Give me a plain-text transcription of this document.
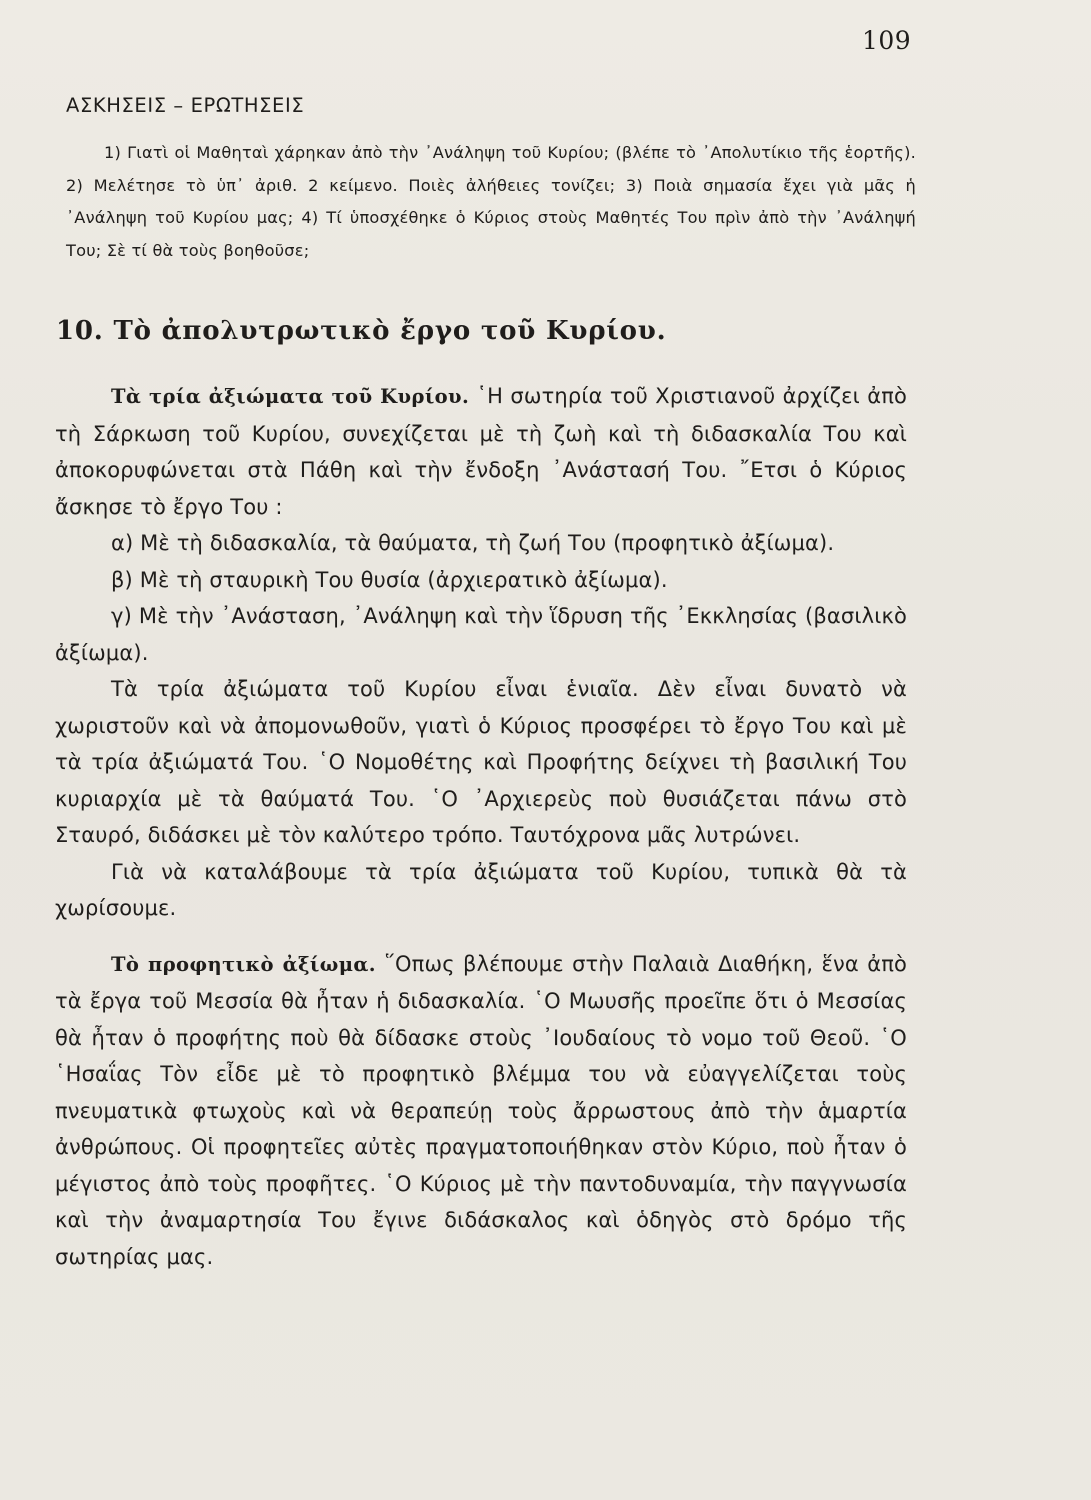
109
ΑΣΚΗΣΕΙΣ – ΕΡΩΤΗΣΕΙΣ

1) Γιατὶ οἱ Μαθηταὶ χάρηκαν ἀπὸ τὴν ᾿Ανάληψη τοῦ Κυρίου; (βλέπε τὸ ᾿Απολυτίκιο τῆς ἑορτῆς). 2) Μελέτησε τὸ ὑπ᾿ ἀριθ. 2 κείμενο. Ποιὲς ἀλήθειες τονίζει; 3) Ποιὰ σημασία ἔχει γιὰ μᾶς ἡ ᾿Ανάληψη τοῦ Κυρίου μας; 4) Τί ὑποσχέθηκε ὁ Κύριος στοὺς Μαθητές Του πρὶν ἀπὸ τὴν ᾿Ανάληψή Του; Σὲ τί θὰ τοὺς βοηθοῦσε;

10. Τὸ ἀπολυτρωτικὸ ἔργο τοῦ Κυρίου.

Τὰ τρία ἀξιώματα τοῦ Κυρίου. ῾Η σωτηρία τοῦ Χριστιανοῦ ἀρχίζει ἀπὸ τὴ Σάρκωση τοῦ Κυρίου, συνεχίζεται μὲ τὴ ζωὴ καὶ τὴ διδασκαλία Του καὶ ἀποκορυφώνεται στὰ Πάθη καὶ τὴν ἔνδοξη ᾿Ανάστασή Του. ῎Ετσι ὁ Κύριος ἄσκησε τὸ ἔργο Του :

α) Μὲ τὴ διδασκαλία, τὰ θαύματα, τὴ ζωή Του (προφητικὸ ἀξίωμα).

β) Μὲ τὴ σταυρικὴ Του θυσία (ἀρχιερατικὸ ἀξίωμα).

γ) Μὲ τὴν ᾿Ανάσταση, ᾿Ανάληψη καὶ τὴν ἵδρυση τῆς ᾿Εκκλησίας (βασιλικὸ ἀξίωμα).

Τὰ τρία ἀξιώματα τοῦ Κυρίου εἶναι ἑνιαῖα. Δὲν εἶναι δυνατὸ νὰ χωριστοῦν καὶ νὰ ἀπομονωθοῦν, γιατὶ ὁ Κύριος προσφέρει τὸ ἔργο Του καὶ μὲ τὰ τρία ἀξιώματά Του. ῾Ο Νομοθέτης καὶ Προφήτης δείχνει τὴ βασιλική Του κυριαρχία μὲ τὰ θαύματά Του. ῾Ο ᾿Αρχιερεὺς ποὺ θυσιάζεται πάνω στὸ Σταυρό, διδάσκει μὲ τὸν καλύτερο τρόπο. Ταυτόχρονα μᾶς λυτρώνει.

Γιὰ νὰ καταλάβουμε τὰ τρία ἀξιώματα τοῦ Κυρίου, τυπικὰ θὰ τὰ χωρίσουμε.

Τὸ προφητικὸ ἀξίωμα. ῞Οπως βλέπουμε στὴν Παλαιὰ Διαθήκη, ἕνα ἀπὸ τὰ ἔργα τοῦ Μεσσία θὰ ἦταν ἡ διδασκαλία. ῾Ο Μωυσῆς προεῖπε ὅτι ὁ Μεσσίας θὰ ἦταν ὁ προφήτης ποὺ θὰ δίδασκε στοὺς ᾿Ιουδαίους τὸ νομο τοῦ Θεοῦ. ῾Ο ῾Ησαΐας Τὸν εἶδε μὲ τὸ προφητικὸ βλέμμα του νὰ εὐαγγελίζεται τοὺς πνευματικὰ φτωχοὺς καὶ νὰ θεραπεύῃ τοὺς ἄρρωστους ἀπὸ τὴν ἁμαρτία ἀνθρώπους. Οἱ προφητεῖες αὐτὲς πραγματοποιήθηκαν στὸν Κύριο, ποὺ ἦταν ὁ μέγιστος ἀπὸ τοὺς προφῆτες. ῾Ο Κύριος μὲ τὴν παντοδυναμία, τὴν παγγνωσία καὶ τὴν ἀναμαρτησία Του ἔγινε διδάσκαλος καὶ ὁδηγὸς στὸ δρόμο τῆς σωτηρίας μας.
